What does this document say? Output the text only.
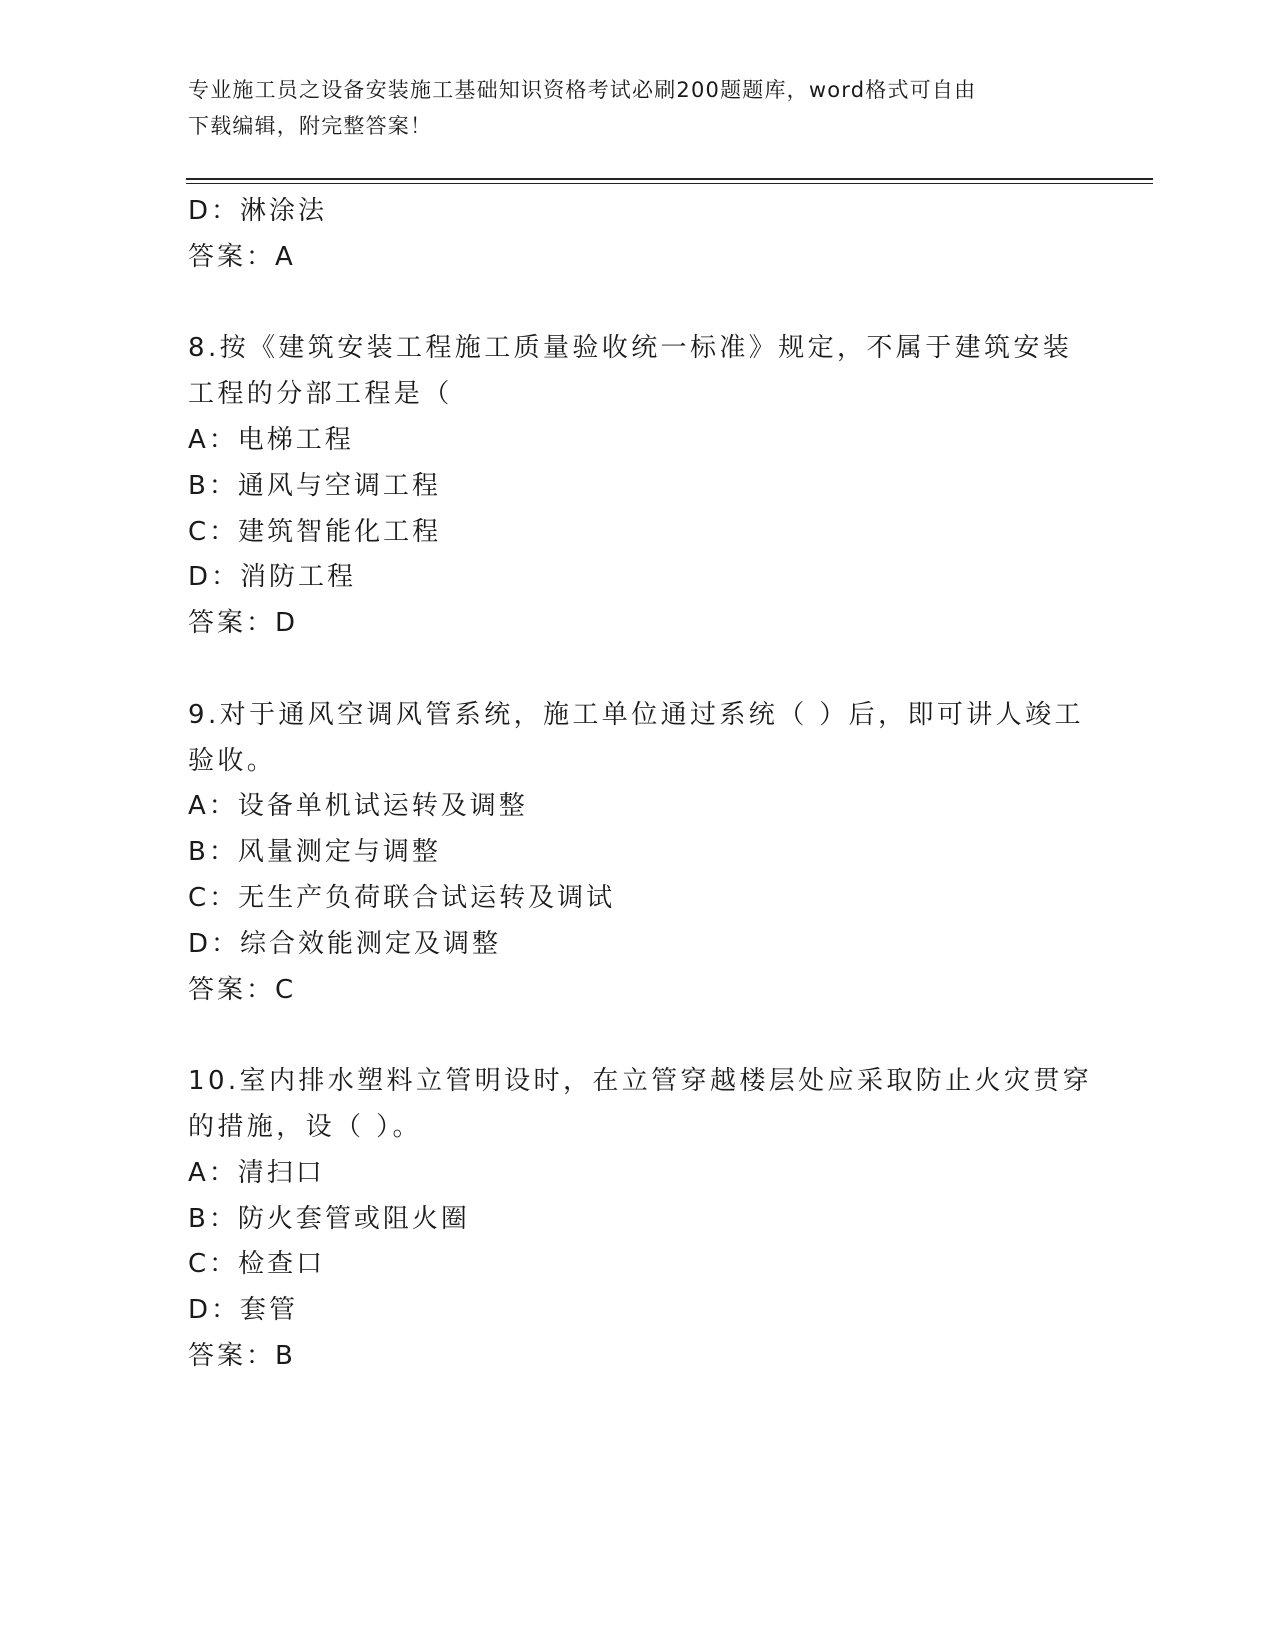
专业施工员之设备安装施工基础知识资格考试必刷200题题库，word格式可自由
下载编辑，附完整答案！
D：淋涂法
答案：A
8.按《建筑安装工程施工质量验收统一标准》规定，不属于建筑安装
工程的分部工程是（
A：电梯工程
B：通风与空调工程
C：建筑智能化工程
D：消防工程
答案：D
9.对于通风空调风管系统，施工单位通过系统（ ）后，即可讲人竣工
验收。
A：设备单机试运转及调整
B：风量测定与调整
C：无生产负荷联合试运转及调试
D：综合效能测定及调整
答案：C
10.室内排水塑料立管明设时，在立管穿越楼层处应采取防止火灾贯穿
的措施，设（ ）。
A：清扫口
B：防火套管或阻火圈
C：检查口
D：套管
答案：B
